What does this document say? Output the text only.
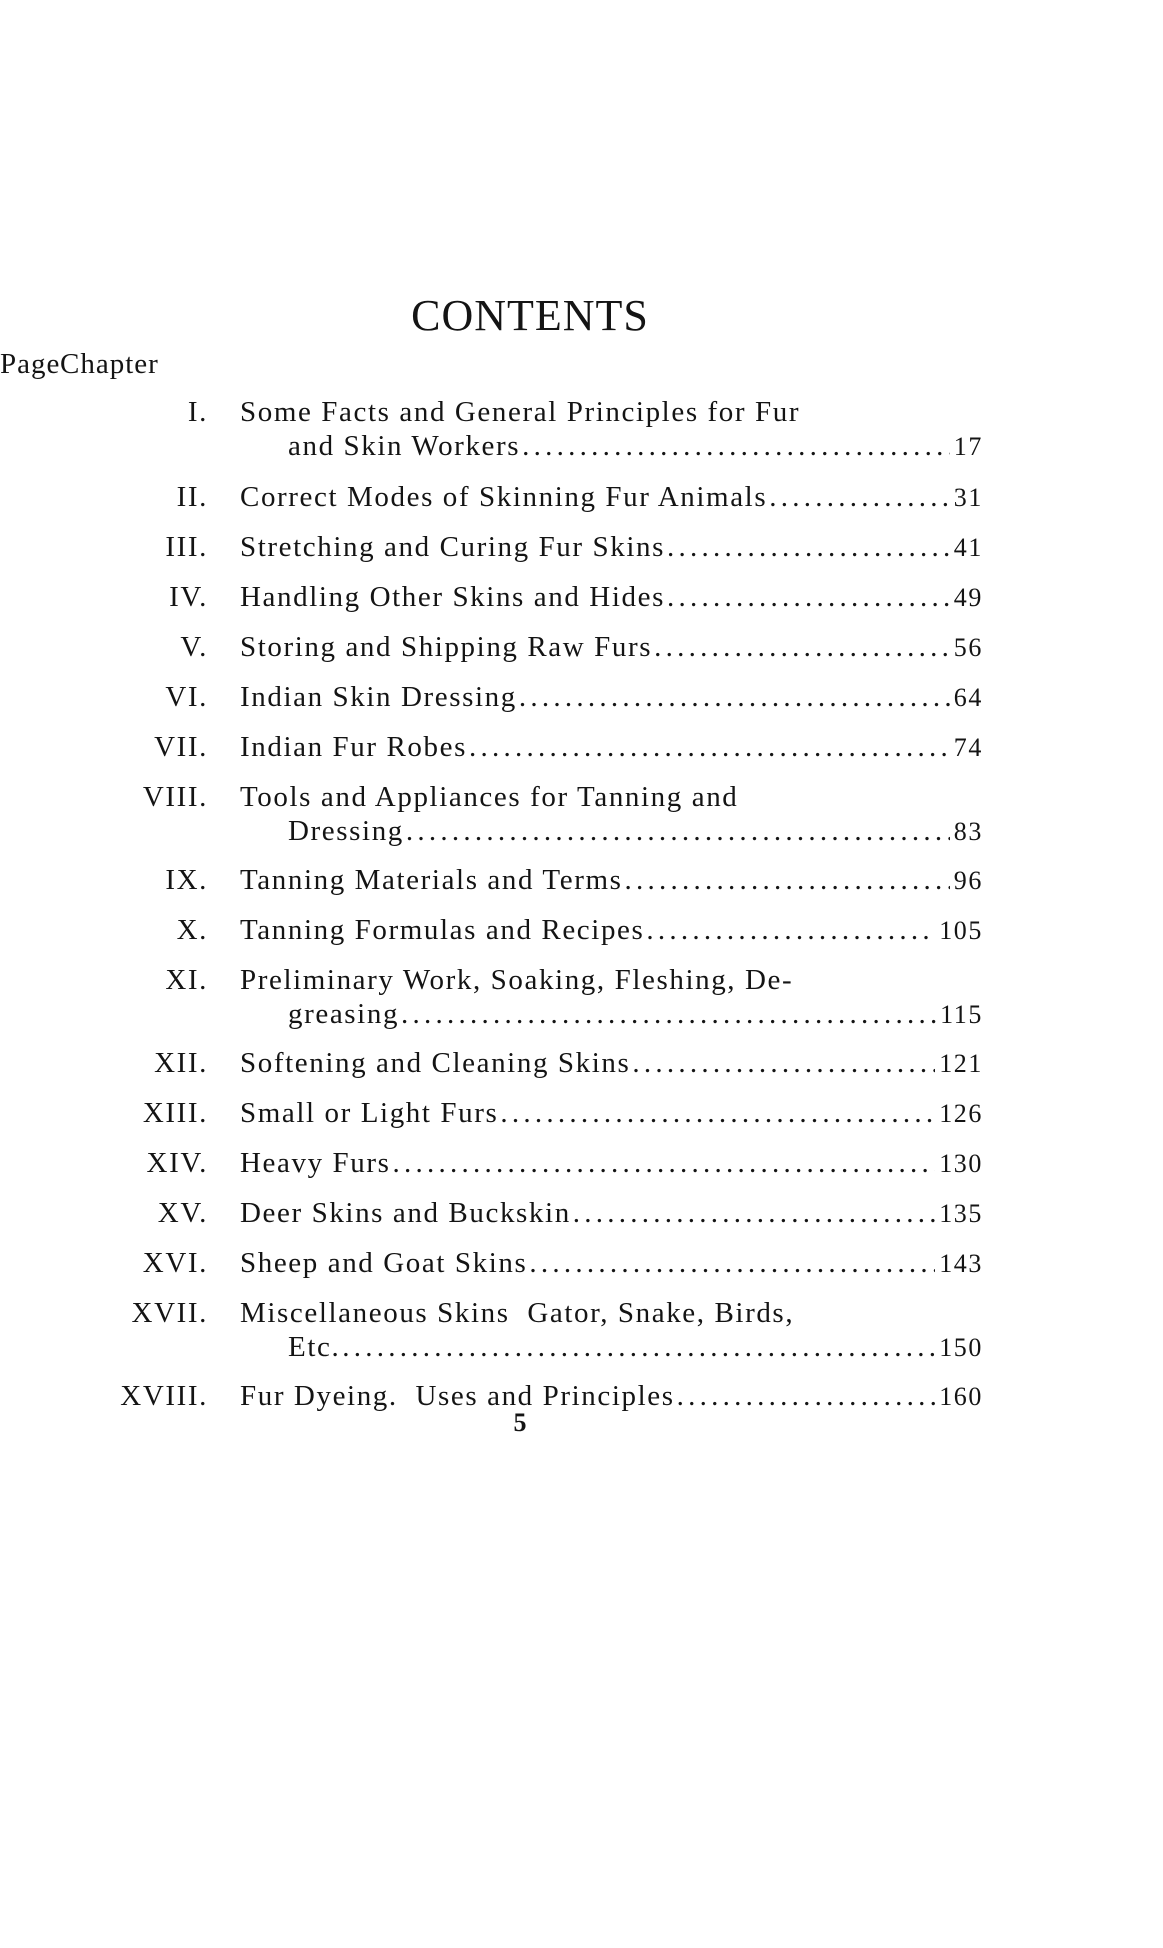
CONTENTS
Chapter
Page
I. Some Facts and General Principles for Fur
and Skin Workers . . .	17
II. Correct Modes of Skinning Fur Animals . . .	31
III. Stretching and Curing Fur Skins . . .	41
IV. Handling Other Skins and Hides . . .	49
V. Storing and Shipping Raw Furs . . .	56
VI. Indian Skin Dressing . . .	64
VII. Indian Fur Robes . . .	74
VIII. Tools and Appliances for Tanning and
Dressing . . .	83
IX. Tanning Materials and Terms . . .	96
X. Tanning Formulas and Recipes . . .	105
XI. Preliminary Work, Soaking, Fleshing, De-
greasing . . .	115
XII. Softening and Cleaning Skins . . .	121
XIII. Small or Light Furs . . .	126
XIV. Heavy Furs . . .	130
XV. Deer Skins and Buckskin . . .	135
XVI. Sheep and Goat Skins . . .	143
XVII. Miscellaneous Skins  Gator, Snake, Birds,
Etc. . . .	150
XVIII. Fur Dyeing.  Uses and Principles . . .	160
5
